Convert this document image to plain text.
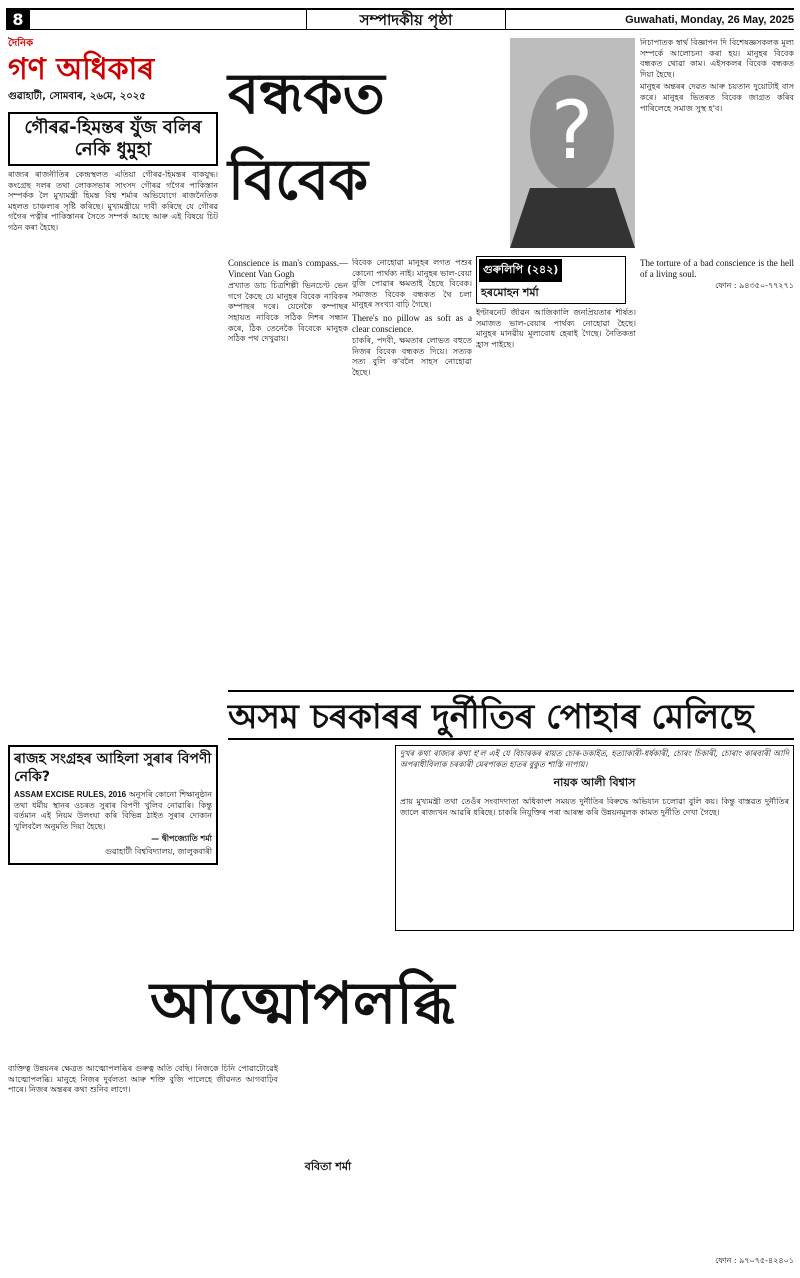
8	সম্পাদকীয় পৃষ্ঠা	Guwahati, Monday, 26 May, 2025
দৈনিক
গণ অধিকাৰ
গুৱাহাটী, সোমবাৰ, ২৬মে, ২০২৫
গৌৰৱ-হিমন্তৰ যুঁজ বলিৰ নেকি ধুমুহা

ৰাজ্যৰ ৰাজনীতিৰ কেন্দ্ৰস্থলত এতিয়া গৌৰৱ-হিমন্তৰ বাকযুদ্ধ। কংগ্ৰেছ দলৰ তথা লোকসভাৰ সাংসদ গৌৰৱ গগৈৰ পাকিস্তান সম্পৰ্কক লৈ মুখ্যমন্ত্ৰী হিমন্ত বিশ্ব শৰ্মাৰ অভিযোগে ৰাজনৈতিক মহলত চাঞ্চল্যৰ সৃষ্টি কৰিছে। মুখ্যমন্ত্ৰীয়ে দাবী কৰিছে যে গৌৰৱ গগৈৰ পত্নীৰ পাকিস্তানৰ সৈতে সম্পৰ্ক আছে আৰু এই বিষয়ে চিট গঠন কৰা হৈছে।

বন্ধকত
বিবেক
?

নিচাপাতক স্বাৰ্থ বিজ্ঞাপন দি বিশেষজ্ঞসকলক মূল্য সম্পৰ্কে আলোচনা কৰা হয়। মানুহৰ বিবেক বন্ধকত থোৱা কাম। এইসকলৰ বিবেক বন্ধকত দিয়া হৈছে।

মানুহৰ অন্তৰৰ দেৱত আৰু চয়তান দুয়োটাই বাস কৰে। মানুহৰ ভিতৰত বিবেক জাগ্ৰত কৰিব পাৰিলেহে সমাজ সুস্থ হ'ব।

Conscience is man's compass.—Vincent Van Gogh

প্ৰখ্যাত ডাচ চিত্ৰশিল্পী ভিনচেণ্ট ভেন গগে কৈছে যে মানুহৰ বিবেক নাবিকৰ কম্পাছৰ দৰে। যেনেকৈ কম্পাছৰ সহায়ত নাবিকে সঠিক দিশৰ সন্ধান কৰে, ঠিক তেনেকৈ বিবেকে মানুহক সঠিক পথ দেখুৱায়।

বিবেক নোহোৱা মানুহৰ লগত পশুৰ কোনো পাৰ্থক্য নাই। মানুহৰ ভাল-বেয়া বুজি পোৱাৰ ক্ষমতাই হৈছে বিবেক। সমাজত বিবেক বন্ধকত থৈ চলা মানুহৰ সংখ্যা বাঢ়ি গৈছে।

There's no pillow as soft as a clear conscience.

চাকৰি, পদবী, ক্ষমতাৰ লোভত বহুতে নিজৰ বিবেক বন্ধকত দিয়ে। সত্যক সত্য বুলি ক'বলৈ সাহস নোহোৱা হৈছে।

গুৰুলিপি (২৪২)
হৰমোহন শৰ্মা

ইণ্টাৰনেট জীৱন আজিকালি জনপ্ৰিয়তাৰ শীৰ্ষত। সমাজত ভাল-বেয়াৰ পাৰ্থক্য নোহোৱা হৈছে। মানুহৰ মানৱীয় মূল্যবোধ হেৰাই গৈছে। নৈতিকতা হ্ৰাস পাইছে।

The torture of a bad conscience is the hell of a living soul.

ফোন : ৯৪৩৫০-৭৭২৭১

অসম চৰকাৰৰ দুৰ্নীতিৰ পোহাৰ মেলিছে
ৰাজহ সংগ্ৰহৰ আহিলা সুৰাৰ বিপণী নেকি?

ASSAM EXCISE RULES, 2016 অনুসৰি কোনো শিক্ষানুষ্ঠান তথা ধৰ্মীয় স্থানৰ ওচৰত সুৰাৰ বিপণী খুলিব নোৱাৰি। কিন্তু বৰ্তমান এই নিয়ম উলংঘা কৰি বিভিন্ন ঠাইত সুৰাৰ দোকান খুলিবলৈ অনুমতি দিয়া হৈছে।

— দ্বীপজ্যোতি শৰ্মা

গুৱাহাটী বিশ্ববিদ্যালয়, জালুকবাৰী

দুখৰ কথা ৰাজ্যৰ কথা হ'ল এই যে বিচাৰকৰ ৰায়ত চোৰ-ডকাইত, হত্যাকাৰী-ধৰ্ষকাৰী, চোৰং চিকাৰী, চোৰাং কাৰবাৰী আদি অপৰাধীবিলাক চৰকাৰী মেৰপাকত হাতৰ বুকুত শাস্তি নাপায়।
নায়ক আলী বিশ্বাস
প্ৰায় মুখ্যমন্ত্ৰী তথা তেওঁৰ সংবাদদাতা অধিকাংশ সময়ত দুৰ্নীতিৰ বিৰুদ্ধে অভিযান চলোৱা বুলি কয়। কিন্তু বাস্তৱত দুৰ্নীতিৰ জালে ৰাজ্যখন আৱৰি ধৰিছে। চাকৰি নিযুক্তিৰ পৰা আৰম্ভ কৰি উন্নয়নমূলক কামত দুৰ্নীতি দেখা গৈছে।
আত্মোপলব্ধি
ববিতা শৰ্মা
ব্যক্তিত্ব উন্নয়নৰ ক্ষেত্ৰত আত্মোপলব্ধিৰ গুৰুত্ব অতি বেছি। নিজকে চিনি পোৱাটোৱেই আত্মোপলব্ধি। মানুহে নিজৰ দুৰ্বলতা আৰু শক্তি বুজি পালেহে জীৱনত আগবাঢ়িব পাৰে। নিজৰ অন্তৰৰ কথা শুনিব লাগে।
ফোন : ৯৭০৭৫-৪২৪০১
